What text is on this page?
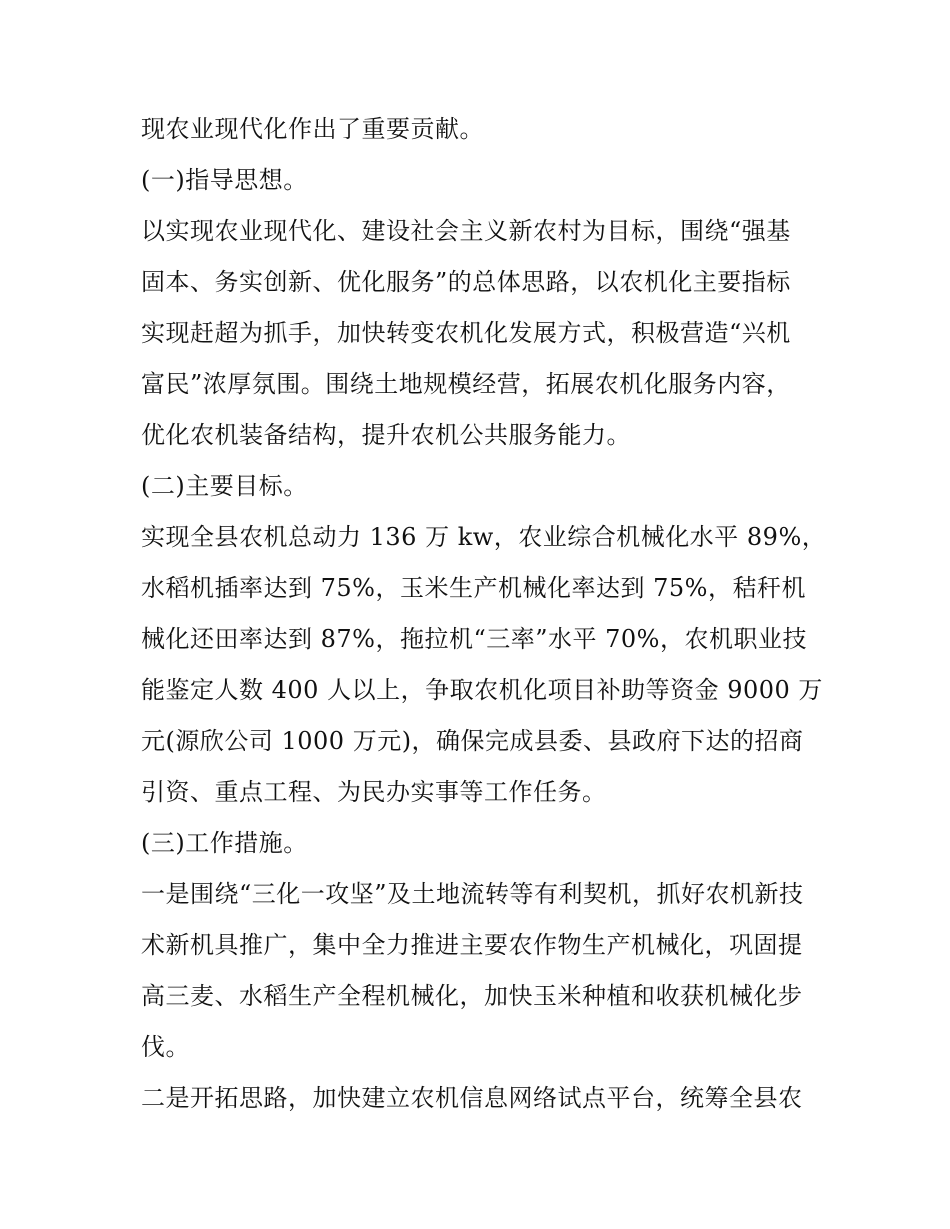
现农业现代化作出了重要贡献。
(一)指导思想。
以实现农业现代化、建设社会主义新农村为目标，围绕“强基
固本、务实创新、优化服务”的总体思路，以农机化主要指标
实现赶超为抓手，加快转变农机化发展方式，积极营造“兴机
富民”浓厚氛围。围绕土地规模经营，拓展农机化服务内容，
优化农机装备结构，提升农机公共服务能力。
(二)主要目标。
实现全县农机总动力 136 万 kw，农业综合机械化水平 89%，
水稻机插率达到 75%，玉米生产机械化率达到 75%，秸秆机
械化还田率达到 87%，拖拉机“三率”水平 70%，农机职业技
能鉴定人数 400 人以上，争取农机化项目补助等资金 9000 万
元(源欣公司 1000 万元)，确保完成县委、县政府下达的招商
引资、重点工程、为民办实事等工作任务。
(三)工作措施。
一是围绕“三化一攻坚”及土地流转等有利契机，抓好农机新技
术新机具推广，集中全力推进主要农作物生产机械化，巩固提
高三麦、水稻生产全程机械化，加快玉米种植和收获机械化步
伐。
二是开拓思路，加快建立农机信息网络试点平台，统筹全县农
